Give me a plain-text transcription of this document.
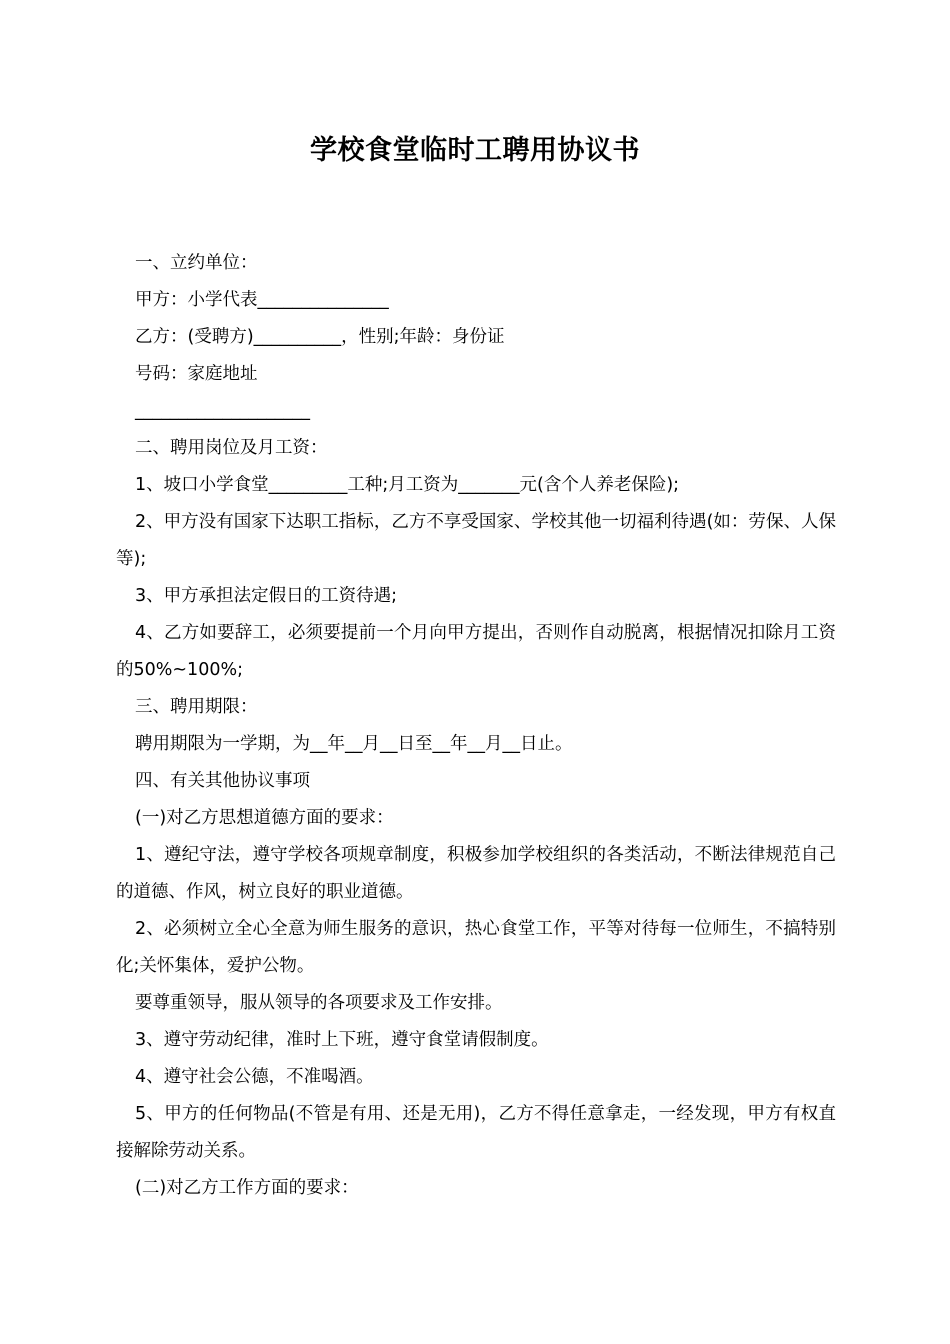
学校食堂临时工聘用协议书

一、立约单位：

甲方：小学代表_______________

乙方：(受聘方)__________，性别;年龄：身份证

号码：家庭地址

____________________

二、聘用岗位及月工资：

1、坡口小学食堂_________工种;月工资为_______元(含个人养老保险);

2、甲方没有国家下达职工指标，乙方不享受国家、学校其他一切福利待遇(如：劳保、人保等);

3、甲方承担法定假日的工资待遇;

4、乙方如要辞工，必须要提前一个月向甲方提出，否则作自动脱离，根据情况扣除月工资的50%~100%;

三、聘用期限：

聘用期限为一学期，为__年__月__日至__年__月__日止。

四、有关其他协议事项

(一)对乙方思想道德方面的要求：

1、遵纪守法，遵守学校各项规章制度，积极参加学校组织的各类活动，不断法律规范自己的道德、作风，树立良好的职业道德。

2、必须树立全心全意为师生服务的意识，热心食堂工作，平等对待每一位师生，不搞特别化;关怀集体，爱护公物。

要尊重领导，服从领导的各项要求及工作安排。

3、遵守劳动纪律，准时上下班，遵守食堂请假制度。

4、遵守社会公德，不准喝酒。

5、甲方的任何物品(不管是有用、还是无用)，乙方不得任意拿走，一经发现，甲方有权直接解除劳动关系。

(二)对乙方工作方面的要求：
